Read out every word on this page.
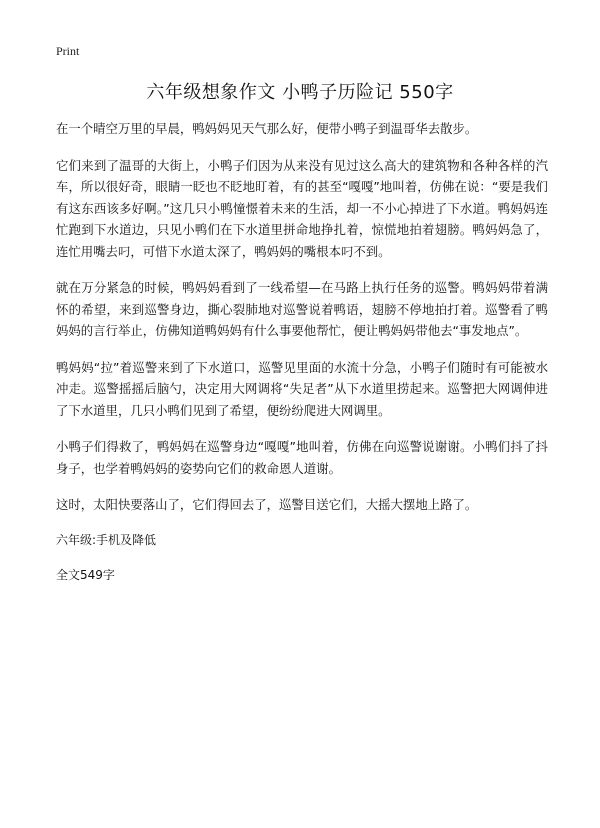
Print
六年级想象作文 小鸭子历险记 550字

在一个晴空万里的早晨，鸭妈妈见天气那么好，便带小鸭子到温哥华去散步。

它们来到了温哥的大街上，小鸭子们因为从来没有见过这么高大的建筑物和各种各样的汽车，所以很好奇，眼睛一眨也不眨地盯着，有的甚至“嘎嘎”地叫着，仿佛在说：“要是我们有这东西该多好啊。”这几只小鸭憧憬着未来的生活，却一不小心掉进了下水道。鸭妈妈连忙跑到下水道边，只见小鸭们在下水道里拼命地挣扎着，惊慌地拍着翅膀。鸭妈妈急了，连忙用嘴去叼，可惜下水道太深了，鸭妈妈的嘴根本叼不到。

就在万分紧急的时候，鸭妈妈看到了一线希望—在马路上执行任务的巡警。鸭妈妈带着满怀的希望，来到巡警身边，撕心裂肺地对巡警说着鸭语，翅膀不停地拍打着。巡警看了鸭妈妈的言行举止，仿佛知道鸭妈妈有什么事要他帮忙，便让鸭妈妈带他去“事发地点”。

鸭妈妈“拉”着巡警来到了下水道口，巡警见里面的水流十分急，小鸭子们随时有可能被水冲走。巡警摇摇后脑勺，决定用大网调将“失足者”从下水道里捞起来。巡警把大网调伸进了下水道里，几只小鸭们见到了希望，便纷纷爬进大网调里。

小鸭子们得救了，鸭妈妈在巡警身边“嘎嘎”地叫着，仿佛在向巡警说谢谢。小鸭们抖了抖身子，也学着鸭妈妈的姿势向它们的救命恩人道谢。

这时，太阳快要落山了，它们得回去了，巡警目送它们，大摇大摆地上路了。

六年级:手机及降低

全文549字
